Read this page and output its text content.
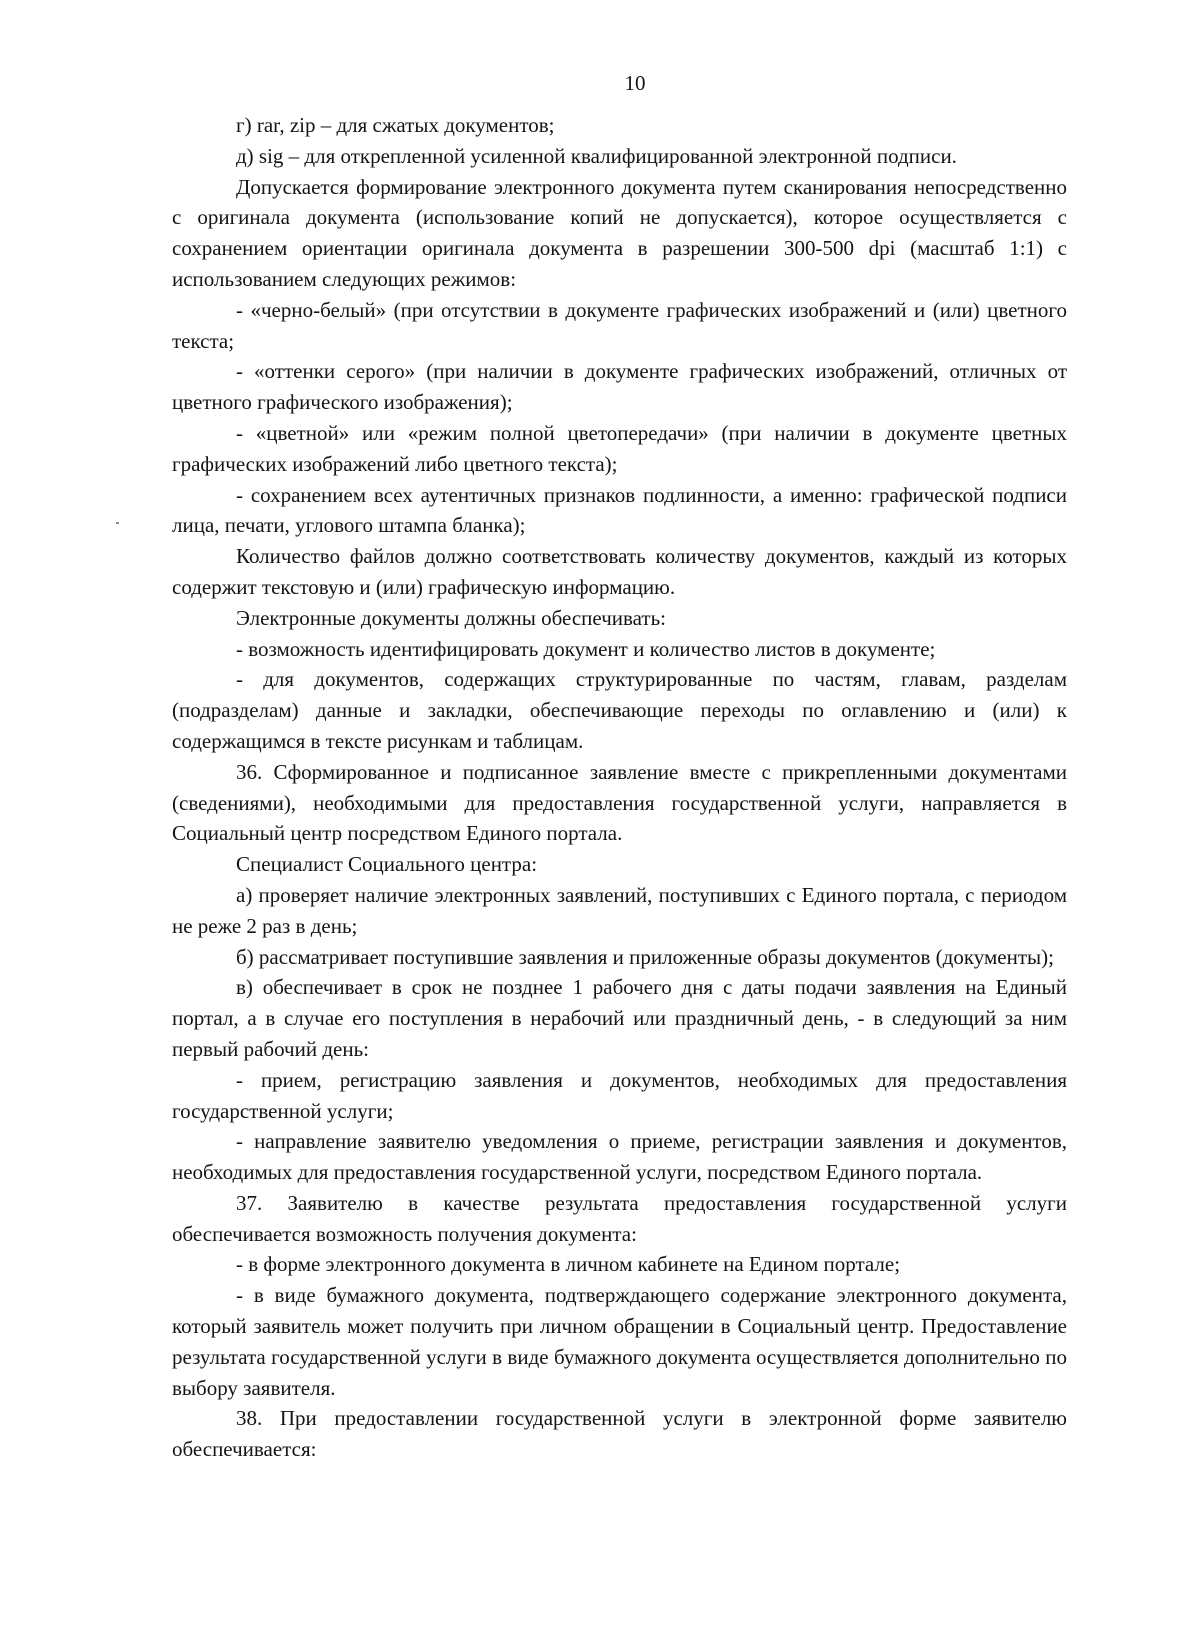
10

г) rar, zip – для сжатых документов;

д) sig – для открепленной усиленной квалифицированной электронной подписи.

Допускается формирование электронного документа путем сканирования непосредственно с оригинала документа (использование копий не допускается), которое осуществляется с сохранением ориентации оригинала документа в разрешении 300-500 dpi (масштаб 1:1) с использованием следующих режимов:

- «черно-белый» (при отсутствии в документе графических изображений и (или) цветного текста;

- «оттенки серого» (при наличии в документе графических изображений, отличных от цветного графического изображения);

- «цветной» или «режим полной цветопередачи» (при наличии в документе цветных графических изображений либо цветного текста);

- сохранением всех аутентичных признаков подлинности, а именно: графической подписи лица, печати, углового штампа бланка);

Количество файлов должно соответствовать количеству документов, каждый из которых содержит текстовую и (или) графическую информацию.

Электронные документы должны обеспечивать:

- возможность идентифицировать документ и количество листов в документе;

- для документов, содержащих структурированные по частям, главам, разделам (подразделам) данные и закладки, обеспечивающие переходы по оглавлению и (или) к содержащимся в тексте рисункам и таблицам.

36. Сформированное и подписанное заявление вместе с прикрепленными документами (сведениями), необходимыми для предоставления государственной услуги, направляется в Социальный центр посредством Единого портала.

Специалист Социального центра:

а) проверяет наличие электронных заявлений, поступивших с Единого портала, с периодом не реже 2 раз в день;

б) рассматривает поступившие заявления и приложенные образы документов (документы);

в) обеспечивает в срок не позднее 1 рабочего дня с даты подачи заявления на Единый портал, а в случае его поступления в нерабочий или праздничный день, - в следующий за ним первый рабочий день:

- прием, регистрацию заявления и документов, необходимых для предоставления государственной услуги;

- направление заявителю уведомления о приеме, регистрации заявления и документов, необходимых для предоставления государственной услуги, посредством Единого портала.

37. Заявителю в качестве результата предоставления государственной услуги обеспечивается возможность получения документа:

- в форме электронного документа в личном кабинете на Едином портале;

- в виде бумажного документа, подтверждающего содержание электронного документа, который заявитель может получить при личном обращении в Социальный центр. Предоставление результата государственной услуги в виде бумажного документа осуществляется дополнительно по выбору заявителя.

38. При предоставлении государственной услуги в электронной форме заявителю обеспечивается:
